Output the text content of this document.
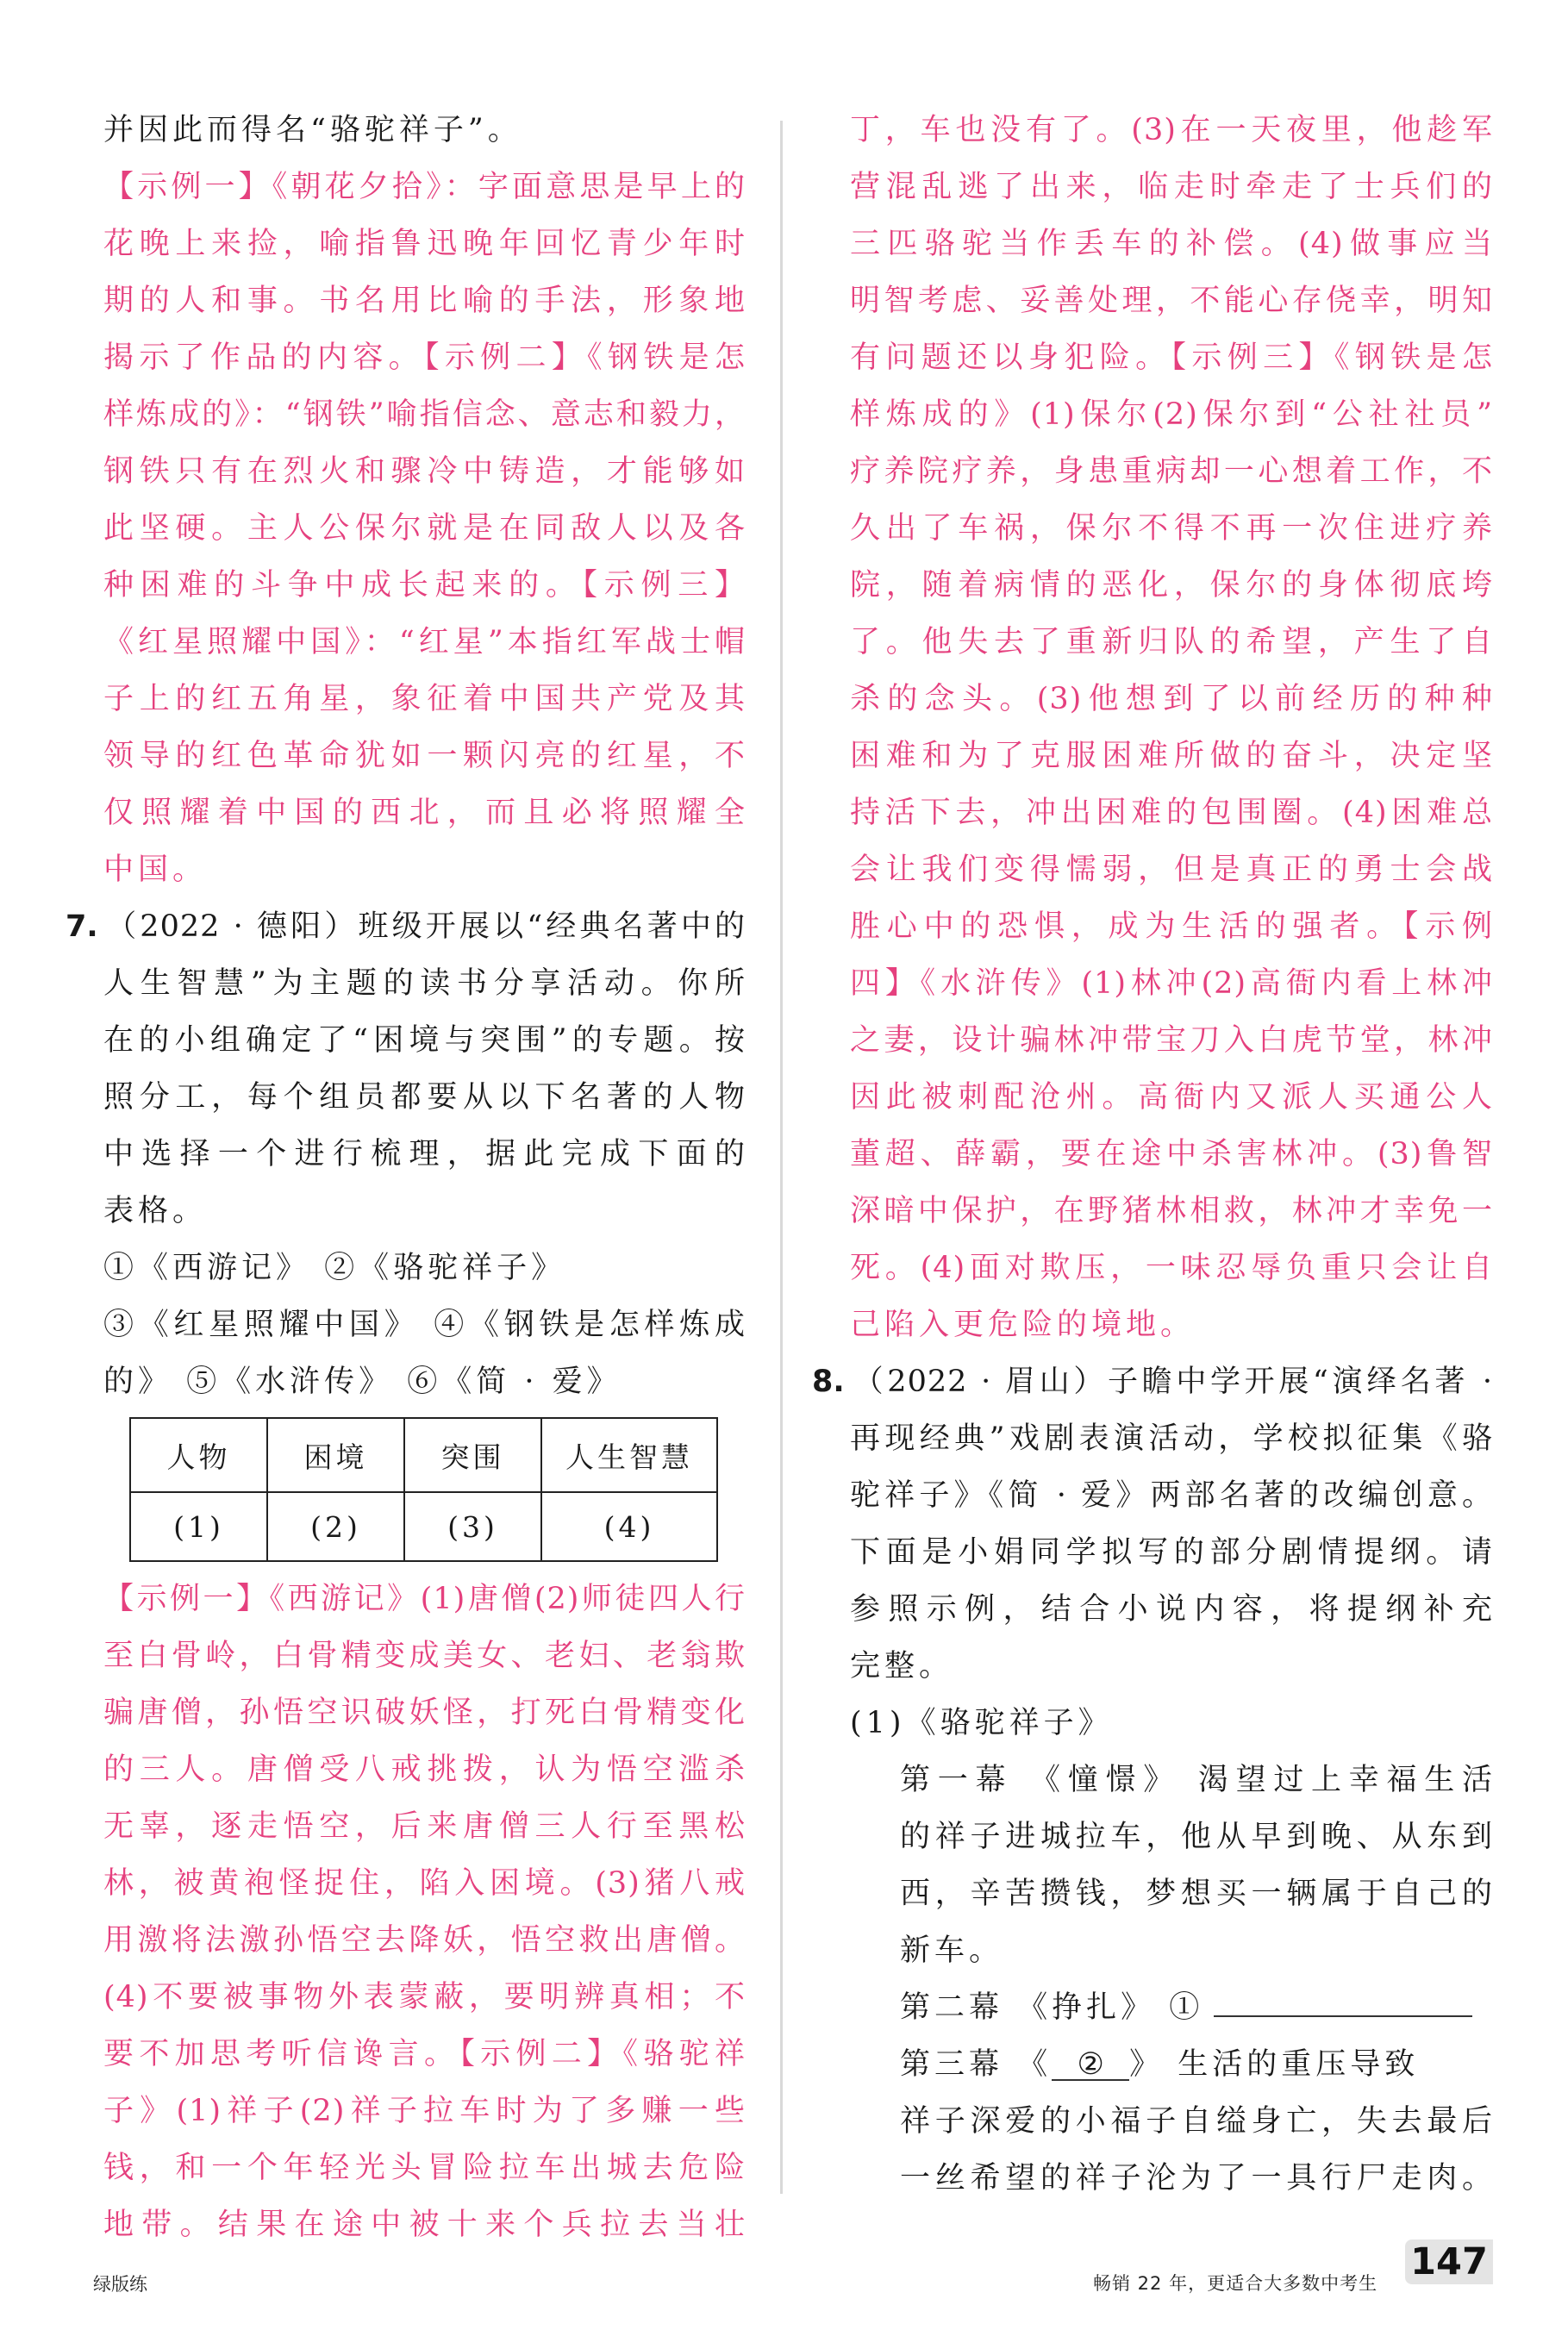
并因此而得名“骆驼祥子”。
【示例一】《朝花夕拾》：字面意思是早上的
花晚上来捡，喻指鲁迅晚年回忆青少年时
期的人和事。书名用比喻的手法，形象地
揭示了作品的内容。【示例二】《钢铁是怎
样炼成的》：“钢铁”喻指信念、意志和毅力，
钢铁只有在烈火和骤冷中铸造，才能够如
此坚硬。主人公保尔就是在同敌人以及各
种困难的斗争中成长起来的。【示例三】
《红星照耀中国》：“红星”本指红军战士帽
子上的红五角星，象征着中国共产党及其
领导的红色革命犹如一颗闪亮的红星，不
仅照耀着中国的西北，而且必将照耀全
中国。
7. （2022 · 德阳）班级开展以“经典名著中的
人生智慧”为主题的读书分享活动。你所
在的小组确定了“困境与突围”的专题。按
照分工，每个组员都要从以下名著的人物
中选择一个进行梳理，据此完成下面的
表格。
①《西游记》 ②《骆驼祥子》
③《红星照耀中国》 ④《钢铁是怎样炼成
的》 ⑤《水浒传》 ⑥《简 · 爱》
人物	困境	突围	人生智慧
(1)	(2)	(3)	(4)
【示例一】《西游记》(1)唐僧(2)师徒四人行
至白骨岭，白骨精变成美女、老妇、老翁欺
骗唐僧，孙悟空识破妖怪，打死白骨精变化
的三人。唐僧受八戒挑拨，认为悟空滥杀
无辜，逐走悟空，后来唐僧三人行至黑松
林，被黄袍怪捉住，陷入困境。(3)猪八戒
用激将法激孙悟空去降妖，悟空救出唐僧。
(4)不要被事物外表蒙蔽，要明辨真相；不
要不加思考听信谗言。【示例二】《骆驼祥
子》(1)祥子(2)祥子拉车时为了多赚一些
钱，和一个年轻光头冒险拉车出城去危险
地带。结果在途中被十来个兵拉去当壮
丁，车也没有了。(3)在一天夜里，他趁军
营混乱逃了出来，临走时牵走了士兵们的
三匹骆驼当作丢车的补偿。(4)做事应当
明智考虑、妥善处理，不能心存侥幸，明知
有问题还以身犯险。【示例三】《钢铁是怎
样炼成的》(1)保尔(2)保尔到“公社社员”
疗养院疗养，身患重病却一心想着工作，不
久出了车祸，保尔不得不再一次住进疗养
院，随着病情的恶化，保尔的身体彻底垮
了。他失去了重新归队的希望，产生了自
杀的念头。(3)他想到了以前经历的种种
困难和为了克服困难所做的奋斗，决定坚
持活下去，冲出困难的包围圈。(4)困难总
会让我们变得懦弱，但是真正的勇士会战
胜心中的恐惧，成为生活的强者。【示例
四】《水浒传》(1)林冲(2)高衙内看上林冲
之妻，设计骗林冲带宝刀入白虎节堂，林冲
因此被刺配沧州。高衙内又派人买通公人
董超、薛霸，要在途中杀害林冲。(3)鲁智
深暗中保护，在野猪林相救，林冲才幸免一
死。(4)面对欺压，一味忍辱负重只会让自
己陷入更危险的境地。
8. （2022 · 眉山）子瞻中学开展“演绎名著 ·
再现经典”戏剧表演活动，学校拟征集《骆
驼祥子》《简 · 爱》两部名著的改编创意。
下面是小娟同学拟写的部分剧情提纲。请
参照示例，结合小说内容，将提纲补充
完整。
(1)《骆驼祥子》
第一幕 《憧憬》 渴望过上幸福生活
的祥子进城拉车，他从早到晚、从东到
西，辛苦攒钱，梦想买一辆属于自己的
新车。
第二幕 《挣扎》 ①
第三幕 《 ② 》 生活的重压导致
祥子深爱的小福子自缢身亡，失去最后
一丝希望的祥子沦为了一具行尸走肉。
绿版练	畅销 22 年，更适合大多数中考生 147
